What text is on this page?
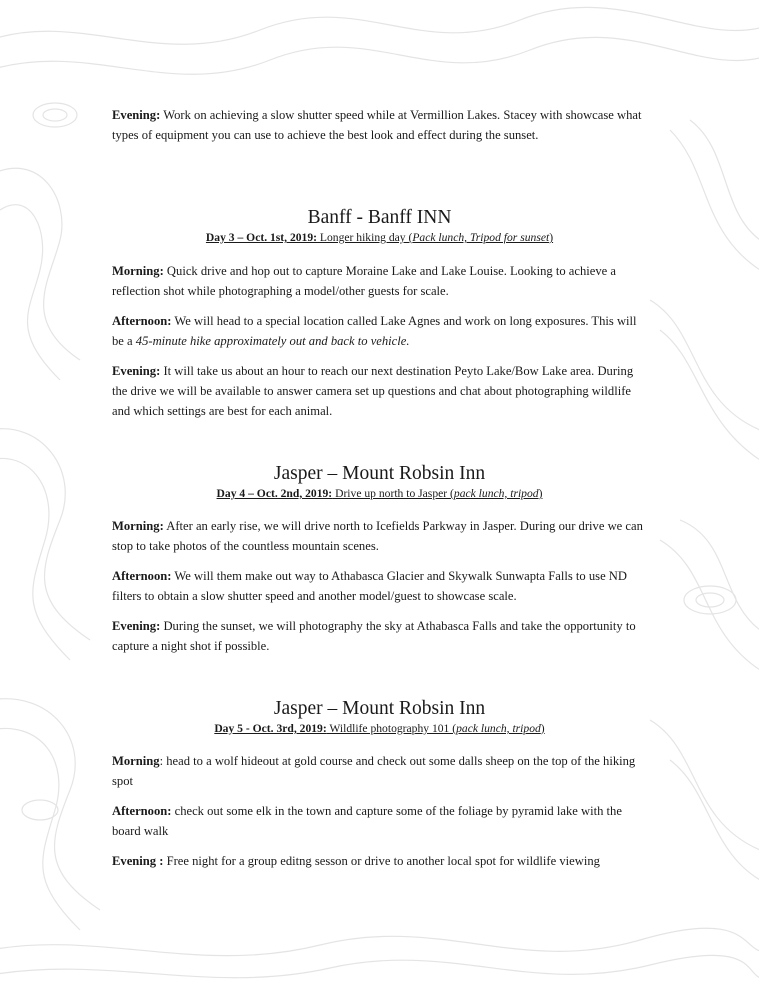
Evening: Work on achieving a slow shutter speed while at Vermillion Lakes. Stacey with showcase what types of equipment you can use to achieve the best look and effect during the sunset.

Banff - Banff INN
Day 3 – Oct. 1st, 2019: Longer hiking day (Pack lunch, Tripod for sunset)

Morning: Quick drive and hop out to capture Moraine Lake and Lake Louise. Looking to achieve a reflection shot while photographing a model/other guests for scale.

Afternoon: We will head to a special location called Lake Agnes and work on long exposures. This will be a 45-minute hike approximately out and back to vehicle.

Evening: It will take us about an hour to reach our next destination Peyto Lake/Bow Lake area. During the drive we will be available to answer camera set up questions and chat about photographing wildlife and which settings are best for each animal.

Jasper – Mount Robsin Inn
Day 4 – Oct. 2nd, 2019: Drive up north to Jasper (pack lunch, tripod)

Morning: After an early rise, we will drive north to Icefields Parkway in Jasper. During our drive we can stop to take photos of the countless mountain scenes.

Afternoon: We will them make out way to Athabasca Glacier and Skywalk Sunwapta Falls to use ND filters to obtain a slow shutter speed and another model/guest to showcase scale.

Evening: During the sunset, we will photography the sky at Athabasca Falls and take the opportunity to capture a night shot if possible.

Jasper – Mount Robsin Inn
Day 5 - Oct. 3rd, 2019: Wildlife photography 101 (pack lunch, tripod)

Morning: head to a wolf hideout at gold course and check out some dalls sheep on the top of the hiking spot

Afternoon: check out some elk in the town and capture some of the foliage by pyramid lake with the board walk

Evening : Free night for a group editng sesson or drive to another local spot for wildlife viewing
